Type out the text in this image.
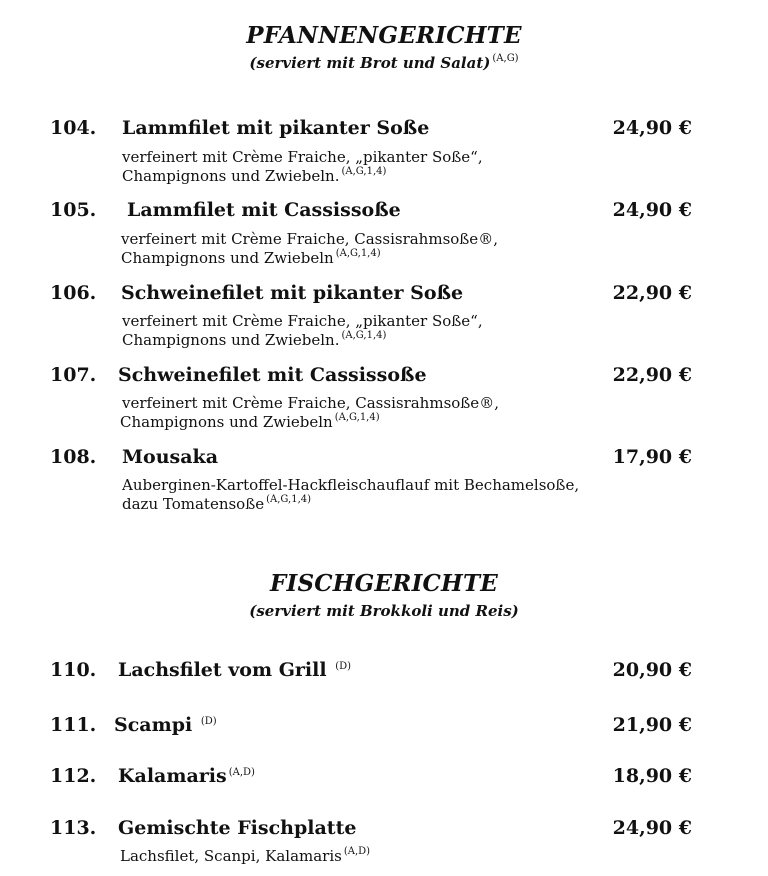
PFANNENGERICHTE
(serviert mit Brot und Salat) $^{(A,G)}$
104. Lammfilet mit pikanter Soße	24,90 €
verfeinert mit Crème Fraiche, „pikanter Soße“,
Champignons und Zwiebeln. $^{(A,G,1,4)}$
105. Lammfilet mit Cassissoße	24,90 €
verfeinert mit Crème Fraiche, Cassisrahmsoße®,
Champignons und Zwiebeln $^{(A,G,1,4)}$
106. Schweinefilet mit pikanter Soße	22,90 €
verfeinert mit Crème Fraiche, „pikanter Soße“,
Champignons und Zwiebeln. $^{(A,G,1,4)}$
107. Schweinefilet mit Cassissoße	22,90 €
verfeinert mit Crème Fraiche, Cassisrahmsoße®,
Champignons und Zwiebeln $^{(A,G,1,4)}$
108. Mousaka	17,90 €
Auberginen-Kartoffel-Hackfleischauflauf mit Bechamelsoße,
dazu Tomatensoße $^{(A,G,1,4)}$
FISCHGERICHTE
(serviert mit Brokkoli und Reis)
110. Lachsfilet vom Grill $^{(D)}$	20,90 €
111. Scampi $^{(D)}$	21,90 €
112. Kalamaris $^{(A,D)}$	18,90 €
113. Gemischte Fischplatte	24,90 €
Lachsfilet, Scanpi, Kalamaris $^{(A,D)}$
